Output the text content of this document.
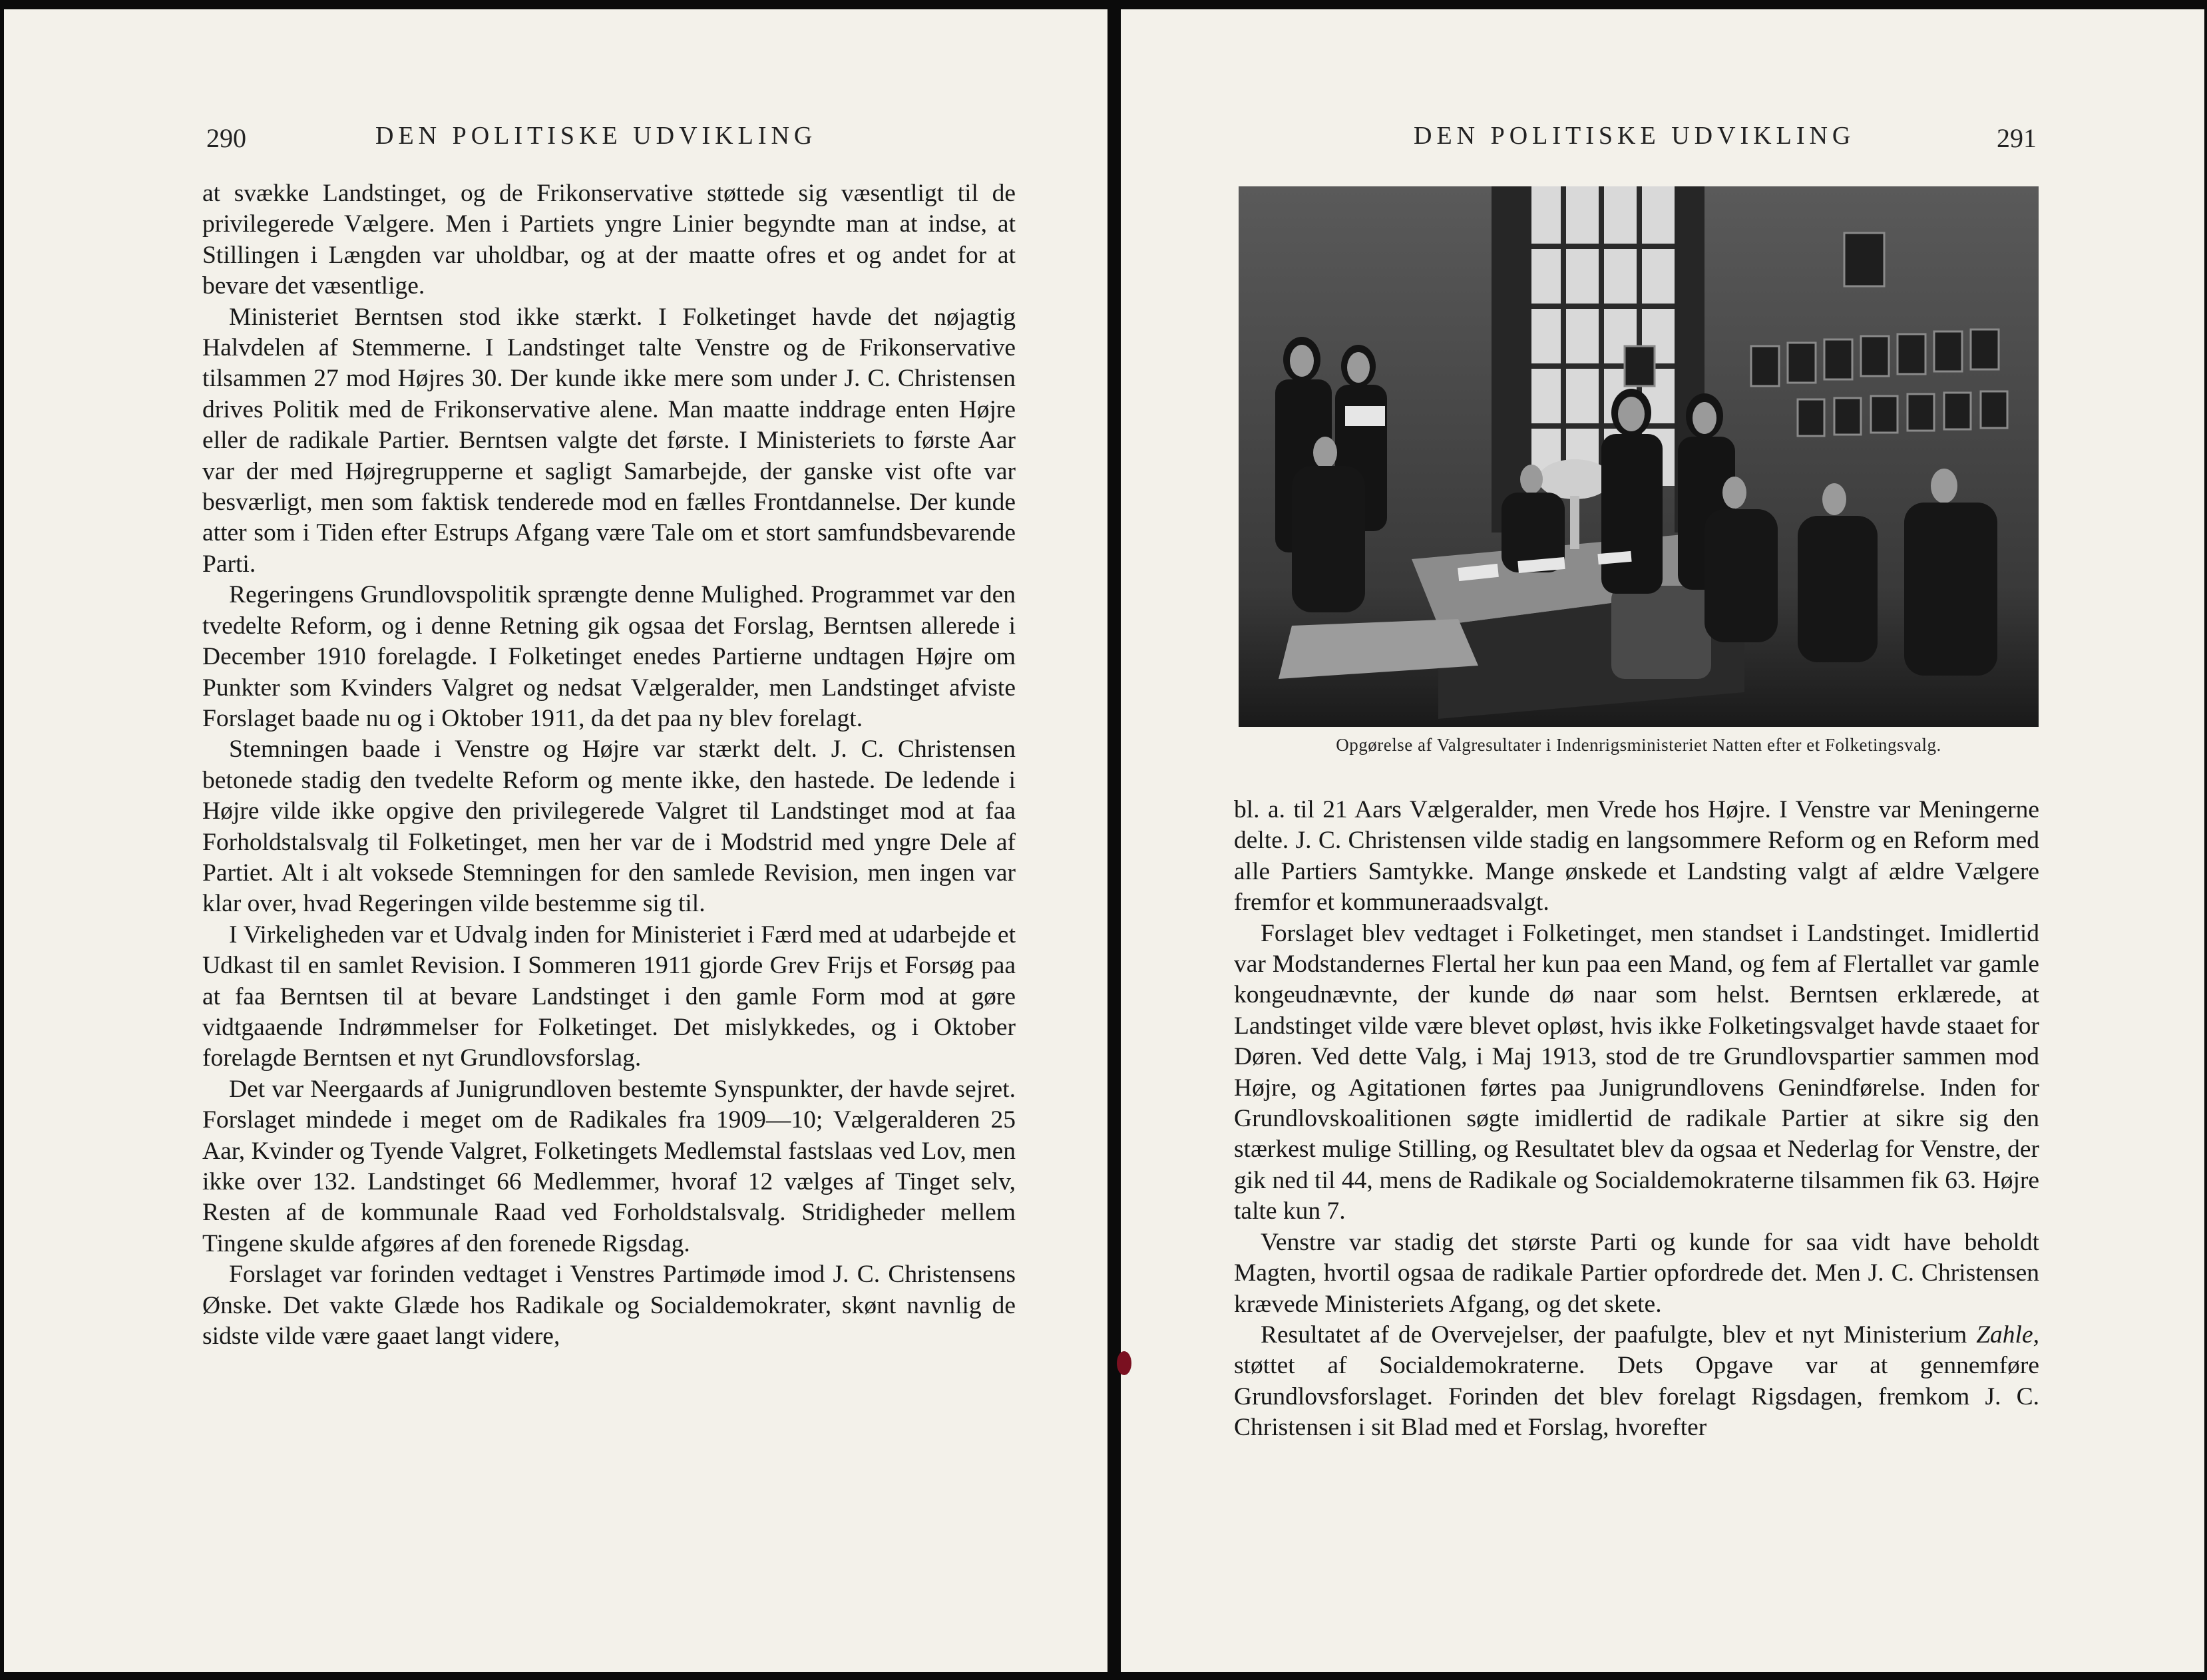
290	DEN POLITISKE UDVIKLING

at svække Landstinget, og de Frikonservative støttede sig væsentligt til de privilegerede Vælgere. Men i Partiets yngre Linier begyndte man at indse, at Stillingen i Længden var uholdbar, og at der maatte ofres et og andet for at bevare det væsentlige.

Ministeriet Berntsen stod ikke stærkt. I Folketinget havde det nøjagtig Halvdelen af Stemmerne. I Landstinget talte Venstre og de Frikonservative tilsammen 27 mod Højres 30. Der kunde ikke mere som under J. C. Christensen drives Politik med de Frikonservative alene. Man maatte inddrage enten Højre eller de radikale Partier. Berntsen valgte det første. I Ministeriets to første Aar var der med Højregrupperne et sagligt Samarbejde, der ganske vist ofte var besværligt, men som faktisk tenderede mod en fælles Frontdannelse. Der kunde atter som i Tiden efter Estrups Afgang være Tale om et stort samfundsbevarende Parti.

Regeringens Grundlovspolitik sprængte denne Mulighed. Programmet var den tvedelte Reform, og i denne Retning gik ogsaa det Forslag, Berntsen allerede i December 1910 forelagde. I Folketinget enedes Partierne undtagen Højre om Punkter som Kvinders Valgret og nedsat Vælgeralder, men Landstinget afviste Forslaget baade nu og i Oktober 1911, da det paa ny blev forelagt.

Stemningen baade i Venstre og Højre var stærkt delt. J. C. Christensen betonede stadig den tvedelte Reform og mente ikke, den hastede. De ledende i Højre vilde ikke opgive den privilegerede Valgret til Landstinget mod at faa Forholdstalsvalg til Folketinget, men her var de i Modstrid med yngre Dele af Partiet. Alt i alt voksede Stemningen for den samlede Revision, men ingen var klar over, hvad Regeringen vilde bestemme sig til.

I Virkeligheden var et Udvalg inden for Ministeriet i Færd med at udarbejde et Udkast til en samlet Revision. I Sommeren 1911 gjorde Grev Frijs et Forsøg paa at faa Berntsen til at bevare Landstinget i den gamle Form mod at gøre vidtgaaende Indrømmelser for Folketinget. Det mislykkedes, og i Oktober forelagde Berntsen et nyt Grundlovsforslag.

Det var Neergaards af Junigrundloven bestemte Synspunkter, der havde sejret. Forslaget mindede i meget om de Radikales fra 1909—10; Vælgeralderen 25 Aar, Kvinder og Tyende Valgret, Folketingets Medlemstal fastslaas ved Lov, men ikke over 132. Landstinget 66 Medlemmer, hvoraf 12 vælges af Tinget selv, Resten af de kommunale Raad ved Forholdstalsvalg. Stridigheder mellem Tingene skulde afgøres af den forenede Rigsdag.

Forslaget var forinden vedtaget i Venstres Partimøde imod J. C. Christensens Ønske. Det vakte Glæde hos Radikale og Socialdemokrater, skønt navnlig de sidste vilde være gaaet langt videre,

DEN POLITISKE UDVIKLING	291
Opgørelse af Valgresultater i Indenrigsministeriet Natten efter et Folketingsvalg.

bl. a. til 21 Aars Vælgeralder, men Vrede hos Højre. I Venstre var Meningerne delte. J. C. Christensen vilde stadig en langsommere Reform og en Reform med alle Partiers Samtykke. Mange ønskede et Landsting valgt af ældre Vælgere fremfor et kommuneraadsvalgt.

Forslaget blev vedtaget i Folketinget, men standset i Landstinget. Imidlertid var Modstandernes Flertal her kun paa een Mand, og fem af Flertallet var gamle kongeudnævnte, der kunde dø naar som helst. Berntsen erklærede, at Landstinget vilde være blevet opløst, hvis ikke Folketingsvalget havde staaet for Døren. Ved dette Valg, i Maj 1913, stod de tre Grundlovspartier sammen mod Højre, og Agitationen førtes paa Junigrundlovens Genindførelse. Inden for Grundlovskoalitionen søgte imidlertid de radikale Partier at sikre sig den stærkest mulige Stilling, og Resultatet blev da ogsaa et Nederlag for Venstre, der gik ned til 44, mens de Radikale og Socialdemokraterne tilsammen fik 63. Højre talte kun 7.

Venstre var stadig det største Parti og kunde for saa vidt have beholdt Magten, hvortil ogsaa de radikale Partier opfordrede det. Men J. C. Christensen krævede Ministeriets Afgang, og det skete.

Resultatet af de Overvejelser, der paafulgte, blev et nyt Ministerium Zahle, støttet af Socialdemokraterne. Dets Opgave var at gennemføre Grundlovsforslaget. Forinden det blev forelagt Rigsdagen, fremkom J. C. Christensen i sit Blad med et Forslag, hvorefter
